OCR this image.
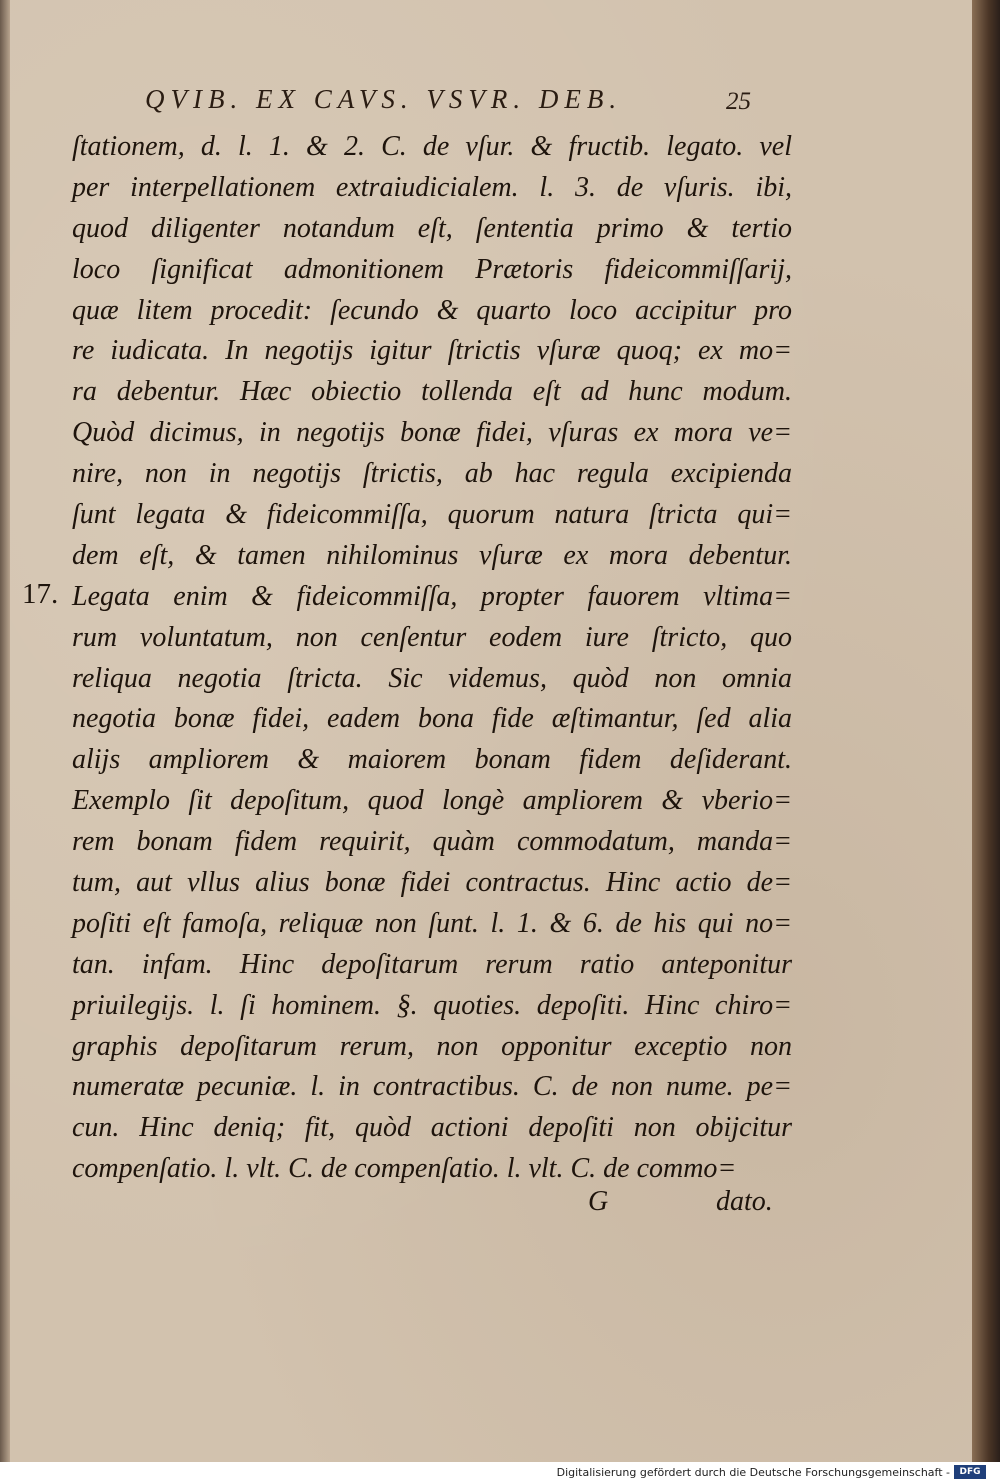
QVIB. EX CAVS. VSVR. DEB.	25
17.
ſtationem, d. l. 1. & 2. C. de vſur. & fructib. legato. vel
per interpellationem extraiudicialem. l. 3. de vſuris. ibi,
quod diligenter notandum eſt, ſententia primo & tertio
loco ſignificat admonitionem Prætoris fideicommiſſarij,
quæ litem procedit: ſecundo & quarto loco accipitur pro
re iudicata. In negotijs igitur ſtrictis vſuræ quoq; ex mo=
ra debentur. Hæc obiectio tollenda eſt ad hunc modum.
Quòd dicimus, in negotijs bonæ fidei, vſuras ex mora ve=
nire, non in negotijs ſtrictis, ab hac regula excipienda
ſunt legata & fideicommiſſa, quorum natura ſtricta qui=
dem eſt, & tamen nihilominus vſuræ ex mora debentur.
Legata enim & fideicommiſſa, propter fauorem vltima=
rum voluntatum, non cenſentur eodem iure ſtricto, quo
reliqua negotia ſtricta. Sic videmus, quòd non omnia
negotia bonæ fidei, eadem bona fide æſtimantur, ſed alia
alijs ampliorem & maiorem bonam fidem deſiderant.
Exemplo ſit depoſitum, quod longè ampliorem & vberio=
rem bonam fidem requirit, quàm commodatum, manda=
tum, aut vllus alius bonæ fidei contractus. Hinc actio de=
poſiti eſt famoſa, reliquæ non ſunt. l. 1. & 6. de his qui no=
tan. infam. Hinc depoſitarum rerum ratio anteponitur
priuilegijs. l. ſi hominem. §. quoties. depoſiti. Hinc chiro=
graphis depoſitarum rerum, non opponitur exceptio non
numeratæ pecuniæ. l. in contractibus. C. de non nume. pe=
cun. Hinc deniq; fit, quòd actioni depoſiti non obijcitur
compenſatio. l. vlt. C. de compenſatio. l. vlt. C. de commo=
G	dato.
Digitalisierung gefördert durch die Deutsche Forschungsgemeinschaft -	DFG
